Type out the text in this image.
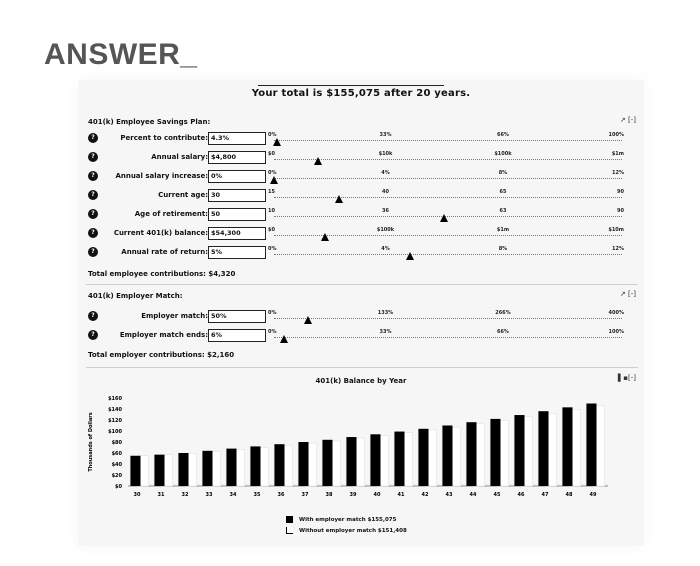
ANSWER_
Your total is $155,075 after 20 years.
401(k) Employee Savings Plan:	↗ [-]
?	Percent to contribute:
4.3%	0%	33%	66%	100%
?	Annual salary:
$4,800	$0	$10k	$100k	$1m
?	Annual salary increase:
0%	0%	4%	8%	12%
?	Current age:
30	15	40	65	90
?	Age of retirement:
50	10	36	63	90
?	Current 401(k) balance:
$54,300	$0	$100k	$1m	$10m
?	Annual rate of return:
5%	0%	4%	8%	12%
Total employee contributions: $4,320
401(k) Employer Match:	↗ [-]
?	Employer match:
50%	0%	133%	266%	400%
?	Employer match ends:
6%	0%	33%	66%	100%
Total employer contributions: $2,160
401(k) Balance by Year	▌▪[-]
Thousands of Dollars
$0
$20
$40
$60
$80
$100
$120
$140
$160
30	31	32	33	34	35	36	37	38	39	40	41	42	43	44	45	46	47	48	49
With employer match $155,075
Without employer match $151,408
